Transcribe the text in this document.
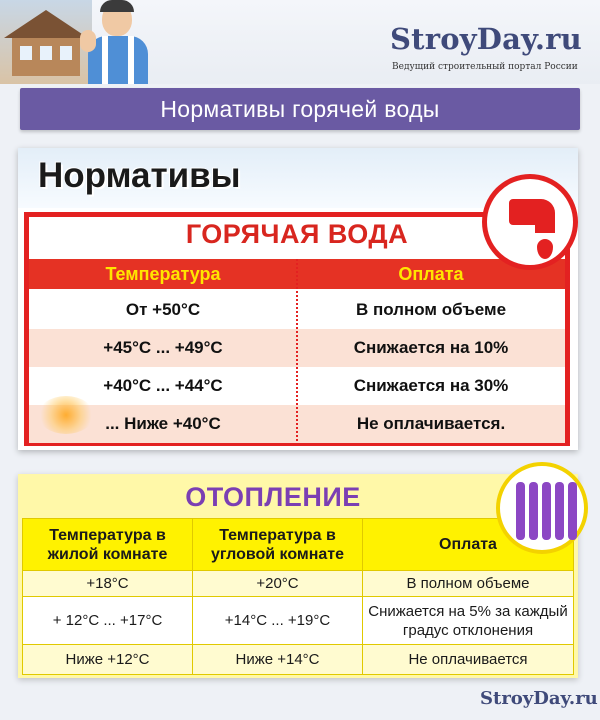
StroyDay.ru
Ведущий строительный портал России
Нормативы горячей воды
Нормативы
ГОРЯЧАЯ ВОДА
Температура	Оплата
От +50°С	В полном объеме
+45°С ... +49°С	Снижается на 10%
+40°С ... +44°С	Снижается на 30%
... Ниже +40°С	Не оплачивается.
ОТОПЛЕНИЕ
Температура в жилой комнате	Температура в угловой комнате	Оплата
+18°С	+20°С	В полном объеме
+ 12°С ... +17°С	+14°С ... +19°С	Снижается на 5% за каждый градус отклонения
Ниже +12°С	Ниже +14°С	Не оплачивается
StroyDay.ru
